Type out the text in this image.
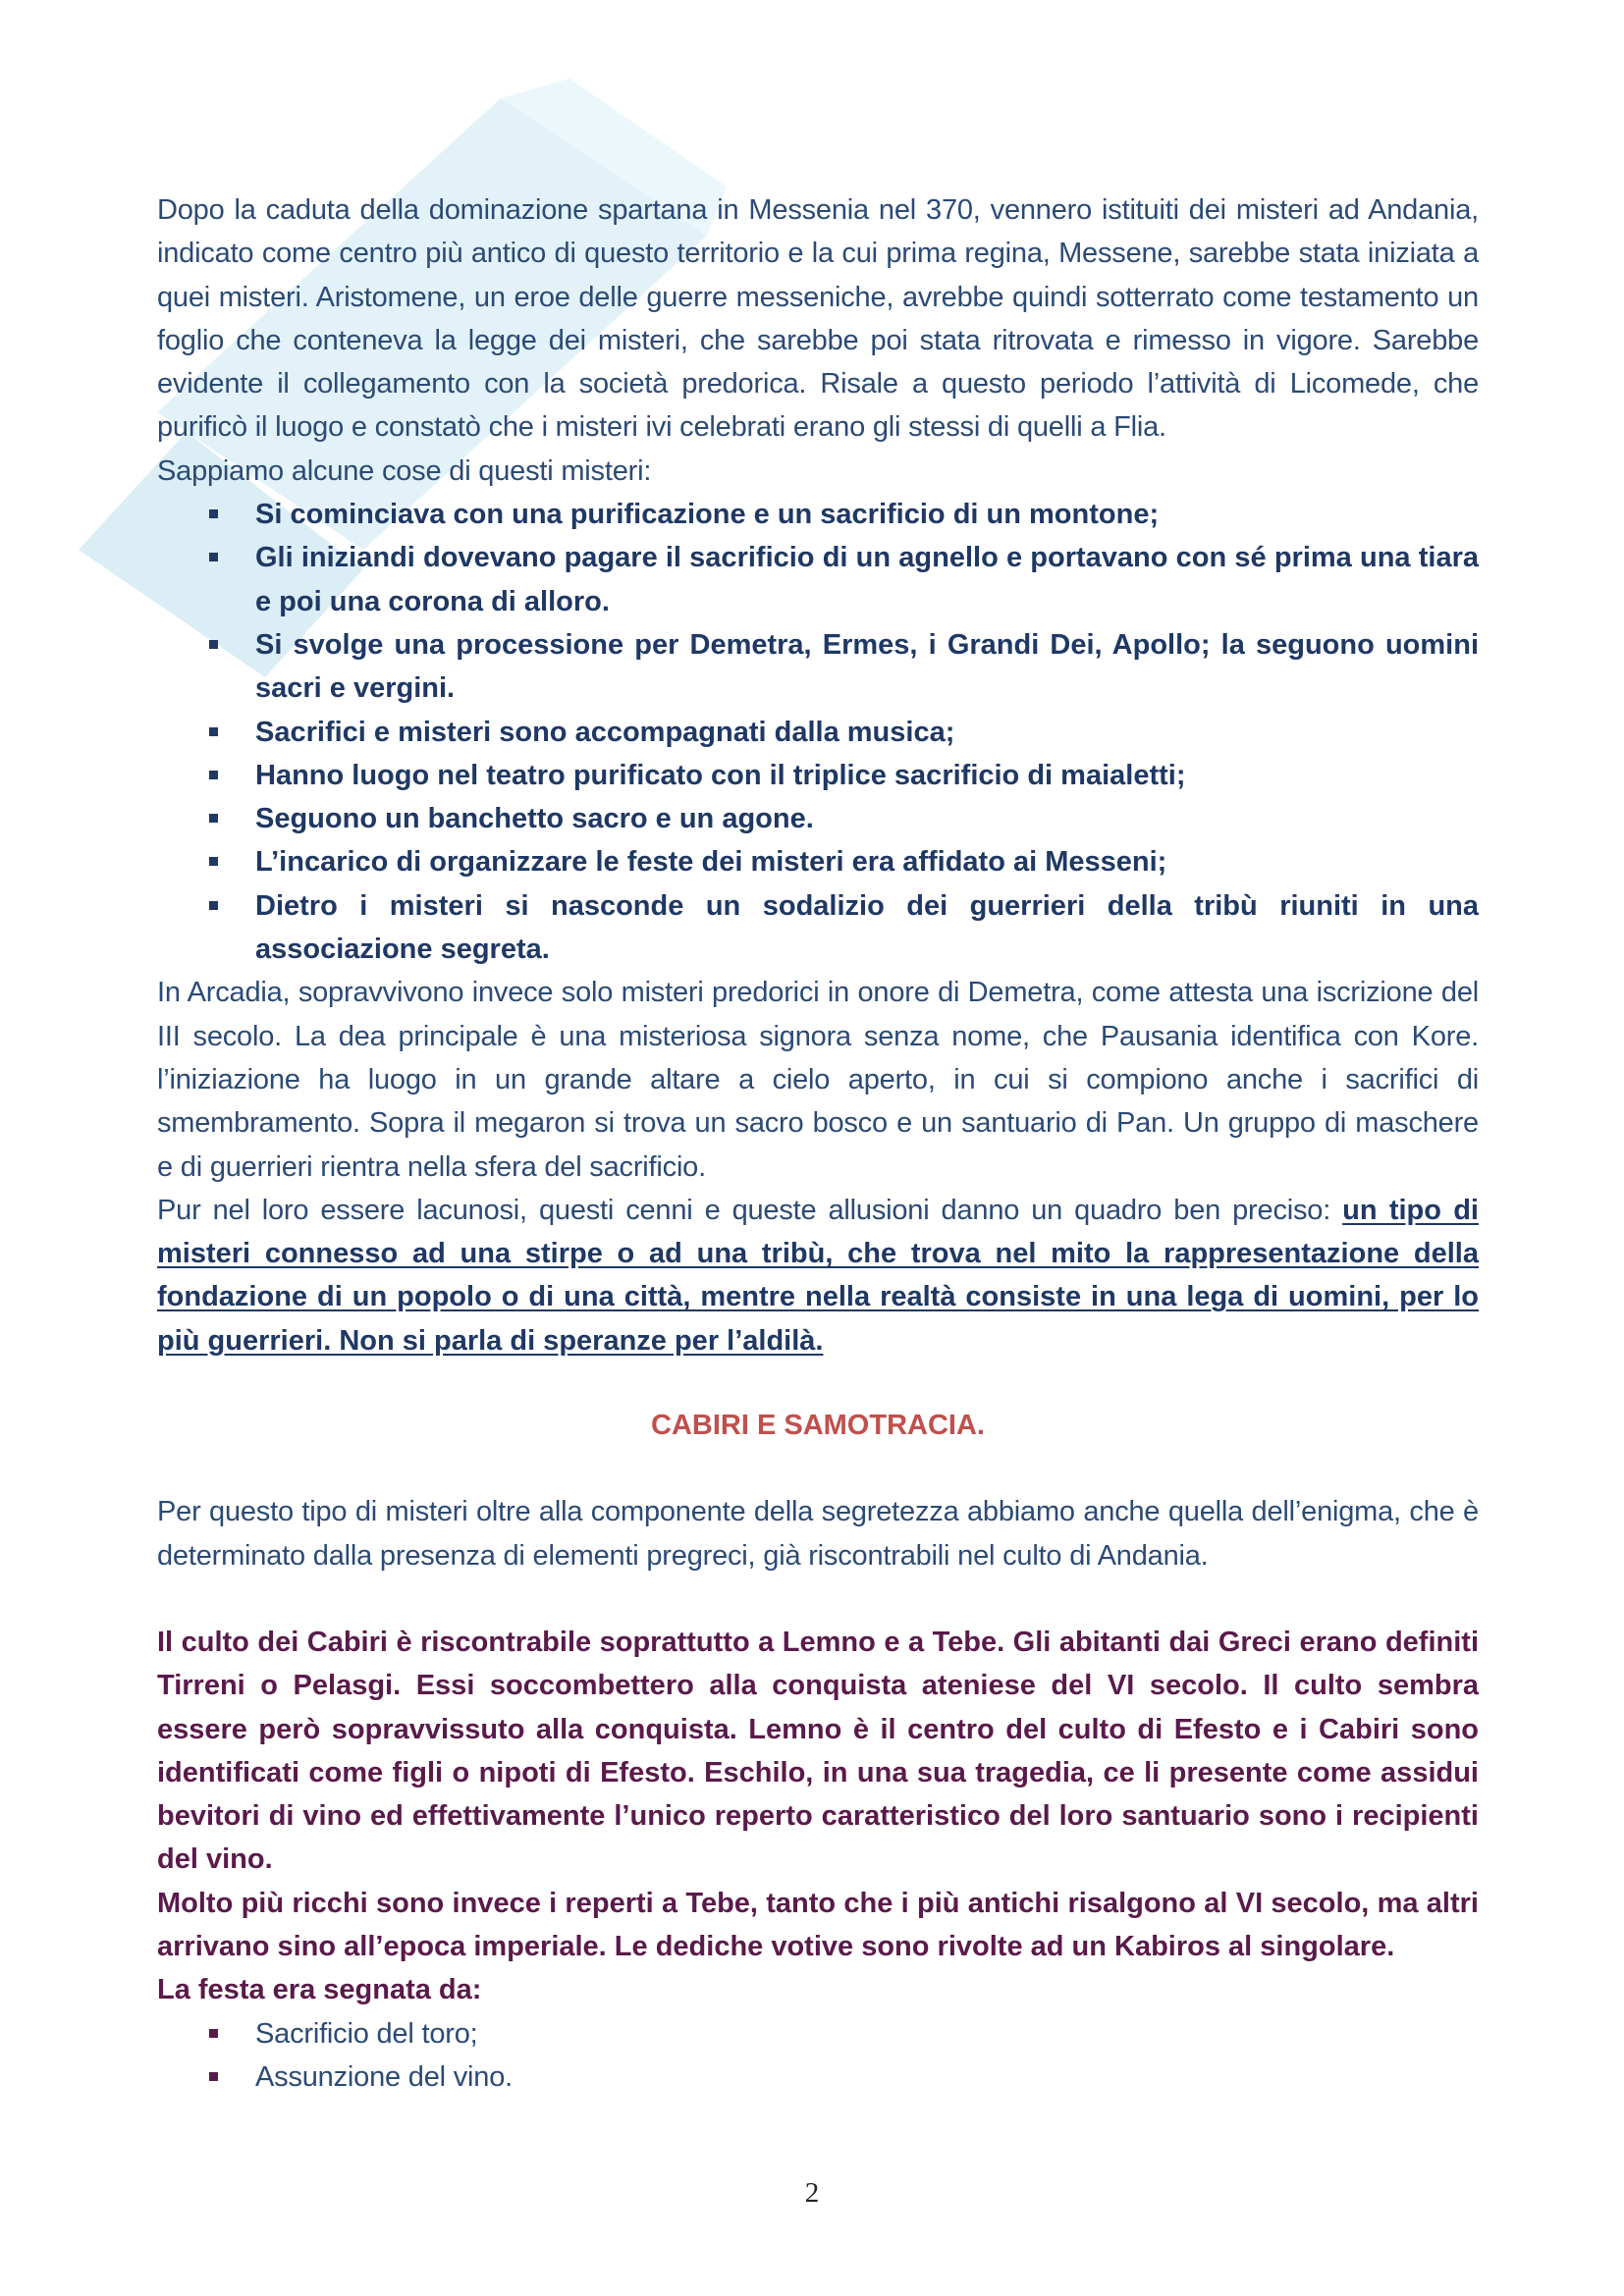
Dopo la caduta della dominazione spartana in Messenia nel 370, vennero istituiti dei misteri ad Andania, indicato come centro più antico di questo territorio e la cui prima regina, Messene, sarebbe stata iniziata a quei misteri. Aristomene, un eroe delle guerre messeniche, avrebbe quindi sotterrato come testamento un foglio che conteneva la legge dei misteri, che sarebbe poi stata ritrovata e rimesso in vigore. Sarebbe evidente il collegamento con la società predorica. Risale a questo periodo l’attività di Licomede, che purificò il luogo e constatò che i misteri ivi celebrati erano gli stessi di quelli a Flia.

Sappiamo alcune cose di questi misteri:

Si cominciava con una purificazione e un sacrificio di un montone;
Gli iniziandi dovevano pagare il sacrificio di un agnello e portavano con sé prima una tiara e poi una corona di alloro.
Si svolge una processione per Demetra, Ermes, i Grandi Dei, Apollo; la seguono uomini sacri e vergini.
Sacrifici e misteri sono accompagnati dalla musica;
Hanno luogo nel teatro purificato con il triplice sacrificio di maialetti;
Seguono un banchetto sacro e un agone.
L’incarico di organizzare le feste dei misteri era affidato ai Messeni;
Dietro i misteri si nasconde un sodalizio dei guerrieri della tribù riuniti in una associazione segreta.

In Arcadia, sopravvivono invece solo misteri predorici in onore di Demetra, come attesta una iscrizione del III secolo. La dea principale è una misteriosa signora senza nome, che Pausania identifica con Kore. l’iniziazione ha luogo in un grande altare a cielo aperto, in cui si compiono anche i sacrifici di smembramento. Sopra il megaron si trova un sacro bosco e un santuario di Pan. Un gruppo di maschere e di guerrieri rientra nella sfera del sacrificio.

Pur nel loro essere lacunosi, questi cenni e queste allusioni danno un quadro ben preciso: un tipo di misteri connesso ad una stirpe o ad una tribù, che trova nel mito la rappresentazione della fondazione di un popolo o di una città, mentre nella realtà consiste in una lega di uomini, per lo più guerrieri. Non si parla di speranze per l’aldilà.

CABIRI E SAMOTRACIA.

Per questo tipo di misteri oltre alla componente della segretezza abbiamo anche quella dell’enigma, che è determinato dalla presenza di elementi pregreci, già riscontrabili nel culto di Andania.

Il culto dei Cabiri è riscontrabile soprattutto a Lemno e a Tebe. Gli abitanti dai Greci erano definiti Tirreni o Pelasgi. Essi soccombettero alla conquista ateniese del VI secolo. Il culto sembra essere però sopravvissuto alla conquista. Lemno è il centro del culto di Efesto e i Cabiri sono identificati come figli o nipoti di Efesto. Eschilo, in una sua tragedia, ce li presente come assidui bevitori di vino ed effettivamente l’unico reperto caratteristico del loro santuario sono i recipienti del vino.

Molto più ricchi sono invece i reperti a Tebe, tanto che i più antichi risalgono al VI secolo, ma altri arrivano sino all’epoca imperiale. Le dediche votive sono rivolte ad un Kabiros al singolare.

La festa era segnata da:

Sacrificio del toro;
Assunzione del vino.
2
